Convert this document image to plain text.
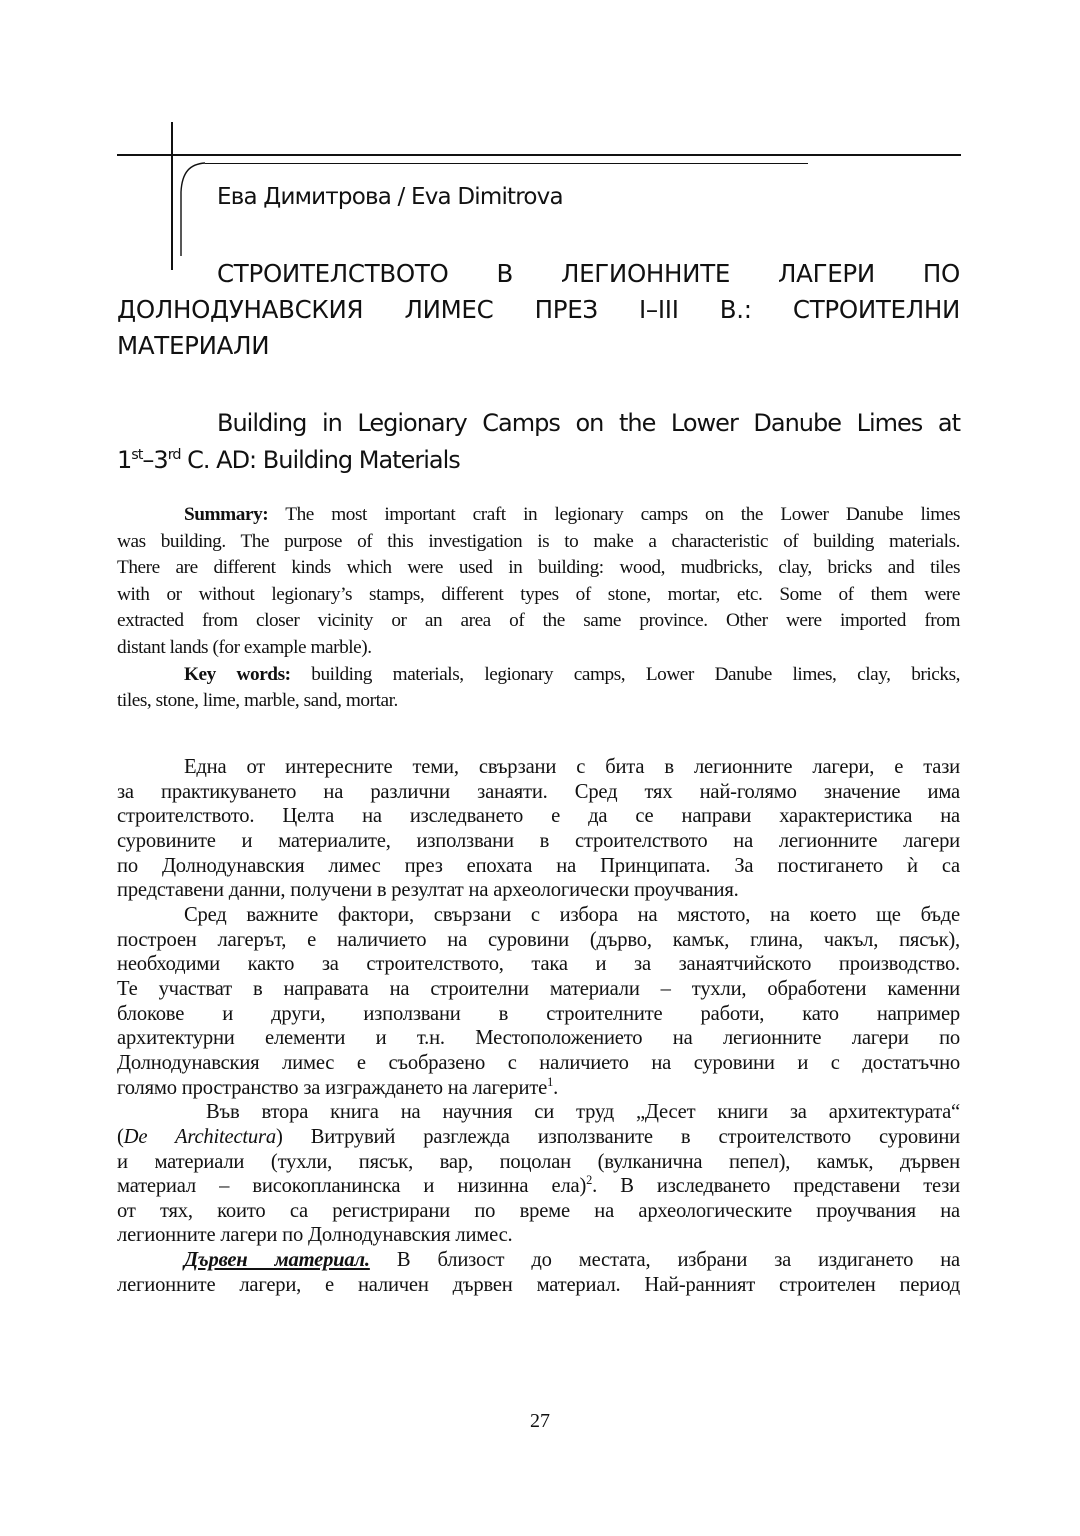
Ева Димитрова / Eva Dimitrova
СТРОИТЕЛСТВОТО В ЛЕГИОННИТЕ ЛАГЕРИ ПО
ДОЛНОДУНАВСКИЯ ЛИМЕС ПРЕЗ I–III В.: СТРОИТЕЛНИ
МАТЕРИАЛИ
Building in Legionary Camps on the Lower Danube Limes at
1st–3rd C. AD: Building Materials
Summary: The most important craft in legionary camps on the Lower Danube limes
was building. The purpose of this investigation is to make a characteristic of building materials.
There are different kinds which were used in building: wood, mudbricks, clay, bricks and tiles
with or without legionary’s stamps, different types of stone, mortar, etc. Some of them were
extracted from closer vicinity or an area of the same province. Other were imported from
distant lands (for example marble).
Key words: building materials, legionary camps, Lower Danube limes, clay, bricks,
tiles, stone, lime, marble, sand, mortar.
Една от интересните теми, свързани с бита в легионните лагери, е тази
за практикуването на различни занаяти. Сред тях най-голямо значение има
строителството. Целта на изследването е да се направи характеристика на
суровините и материалите, използвани в строителството на легионните лагери
по Долнодунавския лимес през епохата на Принципата. За постигането ѝ са
представени данни, получени в резултат на археологически проучвания.
Сред важните фактори, свързани с избора на мястото, на което ще бъде
построен лагерът, е наличието на суровини (дърво, камък, глина, чакъл, пясък),
необходими както за строителството, така и за занаятчийското производство.
Те участват в направата на строителни материали – тухли, обработени каменни
блокове и други, използвани в строителните работи, като например
архитектурни елементи и т.н. Местоположението на легионните лагери по
Долнодунавския лимес е съобразено с наличието на суровини и с достатъчно
голямо пространство за изграждането на лагерите$^1$.
Във втора книга на научния си труд „Десет книги за архитектурата“
(De Architectura) Витрувий разглежда използваните в строителството суровини
и материали (тухли, пясък, вар, поцолан (вулканична пепел), камък, дървен
материал – високопланинска и низинна ела)$^2$. В изследването представени тези
от тях, които са регистрирани по време на археологическите проучвания на
легионните лагери по Долнодунавския лимес.
Дървен материал. В близост до местата, избрани за издигането на
легионните лагери, е наличен дървен материал. Най-ранният строителен период
27
